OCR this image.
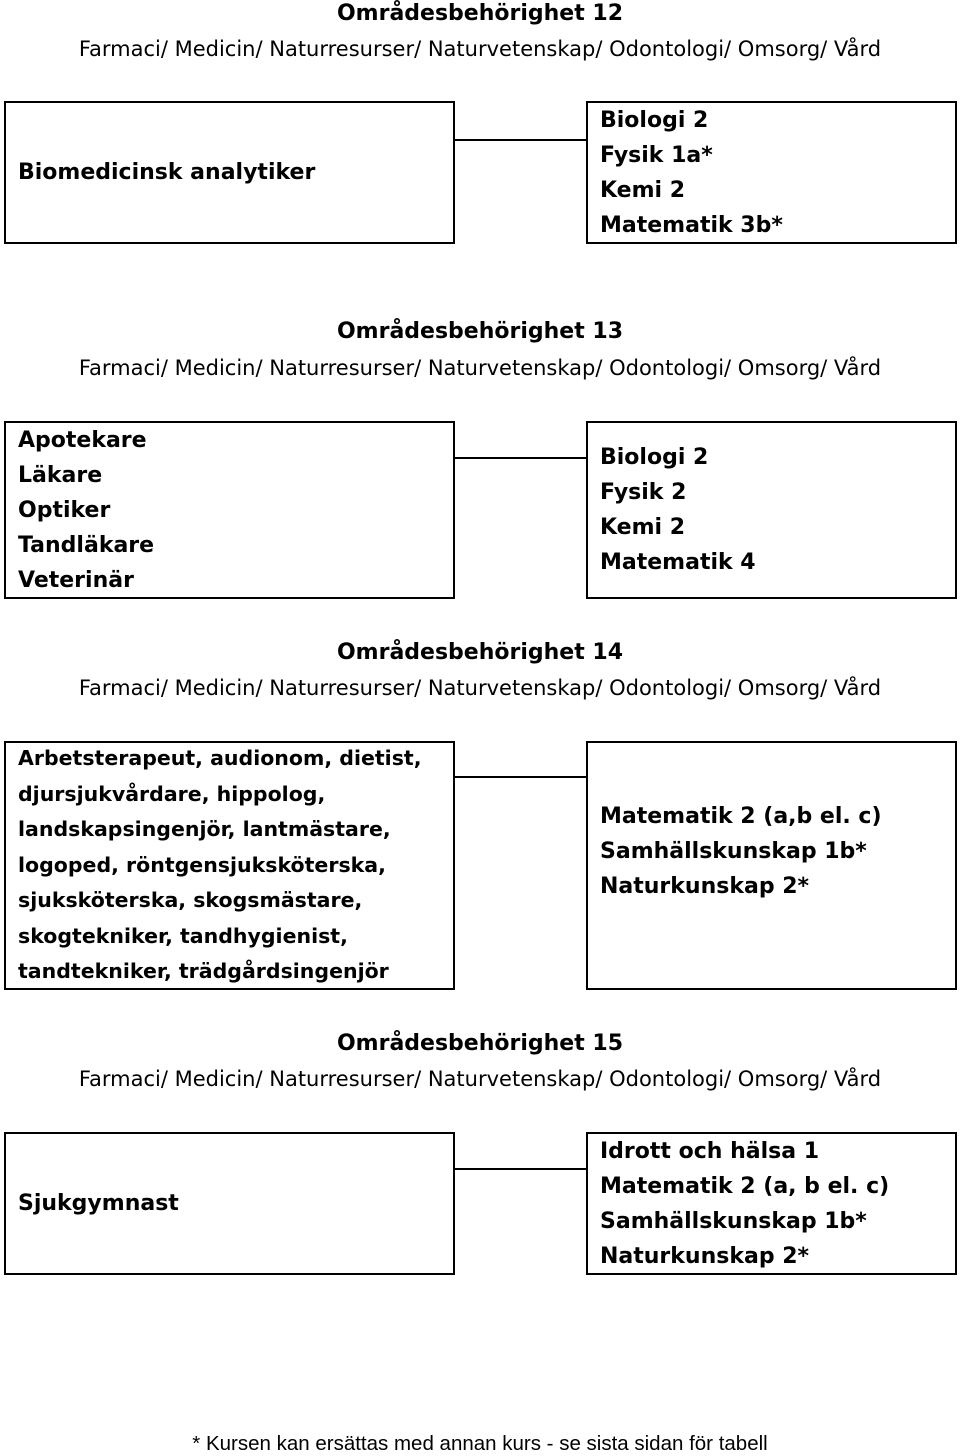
Områdesbehörighet 12
Farmaci/ Medicin/ Naturresurser/ Naturvetenskap/ Odontologi/ Omsorg/ Vård
Biomedicinsk analytiker
Biologi 2
Fysik 1a*
Kemi 2
Matematik 3b*
Områdesbehörighet 13
Farmaci/ Medicin/ Naturresurser/ Naturvetenskap/ Odontologi/ Omsorg/ Vård
Apotekare
Läkare
Optiker
Tandläkare
Veterinär
Biologi 2
Fysik 2
Kemi 2
Matematik 4
Områdesbehörighet 14
Farmaci/ Medicin/ Naturresurser/ Naturvetenskap/ Odontologi/ Omsorg/ Vård
Arbetsterapeut, audionom, dietist,
djursjukvårdare, hippolog,
landskapsingenjör, lantmästare,
logoped, röntgensjuksköterska,
sjuksköterska, skogsmästare,
skogtekniker, tandhygienist,
tandtekniker, trädgårdsingenjör
Matematik 2 (a,b el. c)
Samhällskunskap 1b*
Naturkunskap 2*
Områdesbehörighet 15
Farmaci/ Medicin/ Naturresurser/ Naturvetenskap/ Odontologi/ Omsorg/ Vård
Sjukgymnast
Idrott och hälsa 1
Matematik 2 (a, b el. c)
Samhällskunskap 1b*
Naturkunskap 2*
* Kursen kan ersättas med annan kurs - se sista sidan för tabell
